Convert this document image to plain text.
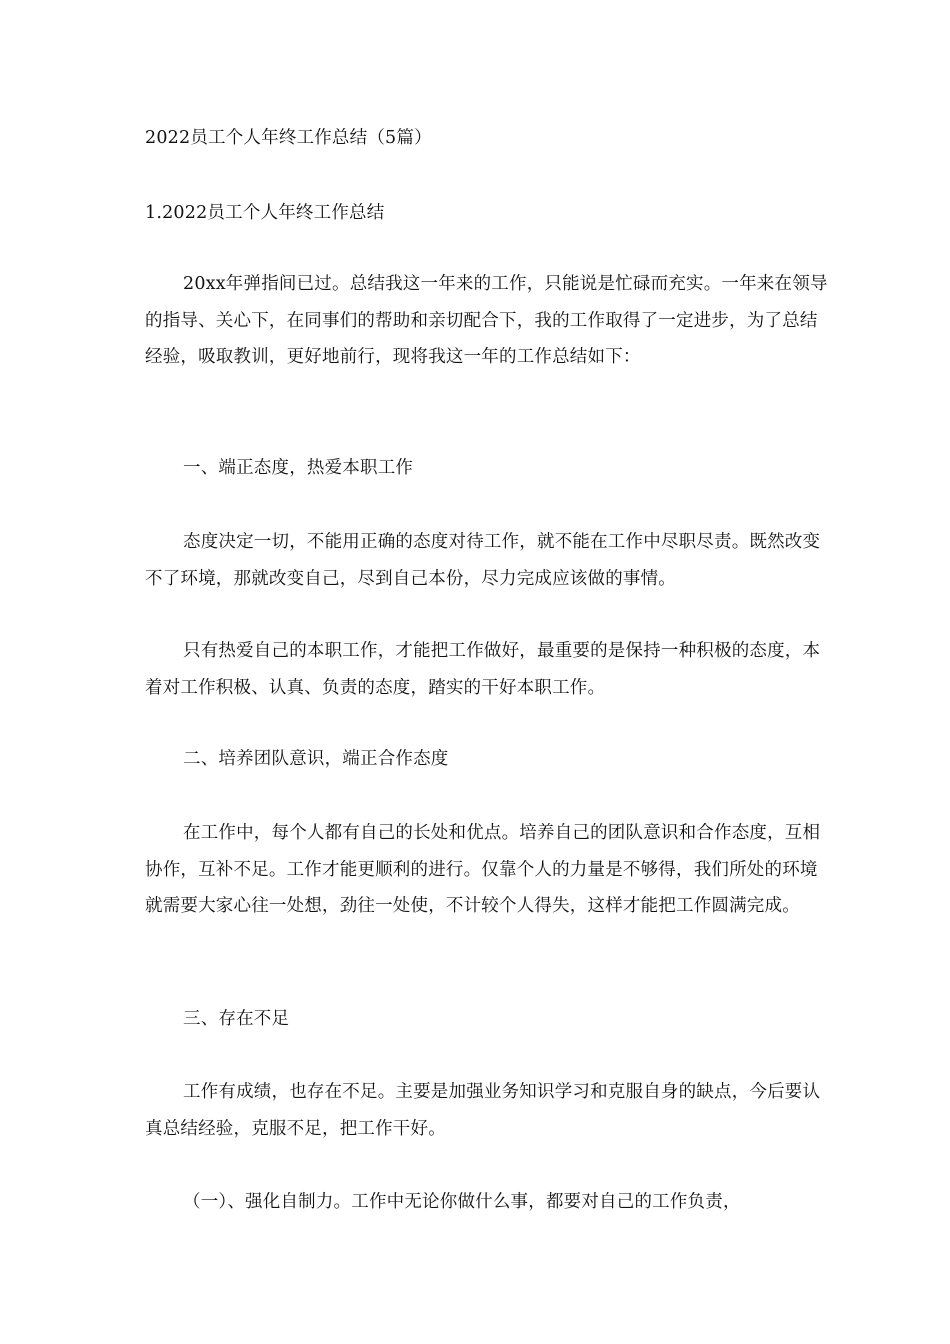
2022员工个人年终工作总结（5篇）
1.2022员工个人年终工作总结

20xx年弹指间已过。总结我这一年来的工作，只能说是忙碌而充实。一年来在领导的指导、关心下，在同事们的帮助和亲切配合下，我的工作取得了一定进步，为了总结经验，吸取教训，更好地前行，现将我这一年的工作总结如下：

一、端正态度，热爱本职工作

态度决定一切，不能用正确的态度对待工作，就不能在工作中尽职尽责。既然改变不了环境，那就改变自己，尽到自己本份，尽力完成应该做的事情。

只有热爱自己的本职工作，才能把工作做好，最重要的是保持一种积极的态度，本着对工作积极、认真、负责的态度，踏实的干好本职工作。

二、培养团队意识，端正合作态度

在工作中，每个人都有自己的长处和优点。培养自己的团队意识和合作态度，互相协作，互补不足。工作才能更顺利的进行。仅靠个人的力量是不够得，我们所处的环境就需要大家心往一处想，劲往一处使，不计较个人得失，这样才能把工作圆满完成。

三、存在不足

工作有成绩，也存在不足。主要是加强业务知识学习和克服自身的缺点，今后要认真总结经验，克服不足，把工作干好。

（一）、强化自制力。工作中无论你做什么事，都要对自己的工作负责，
